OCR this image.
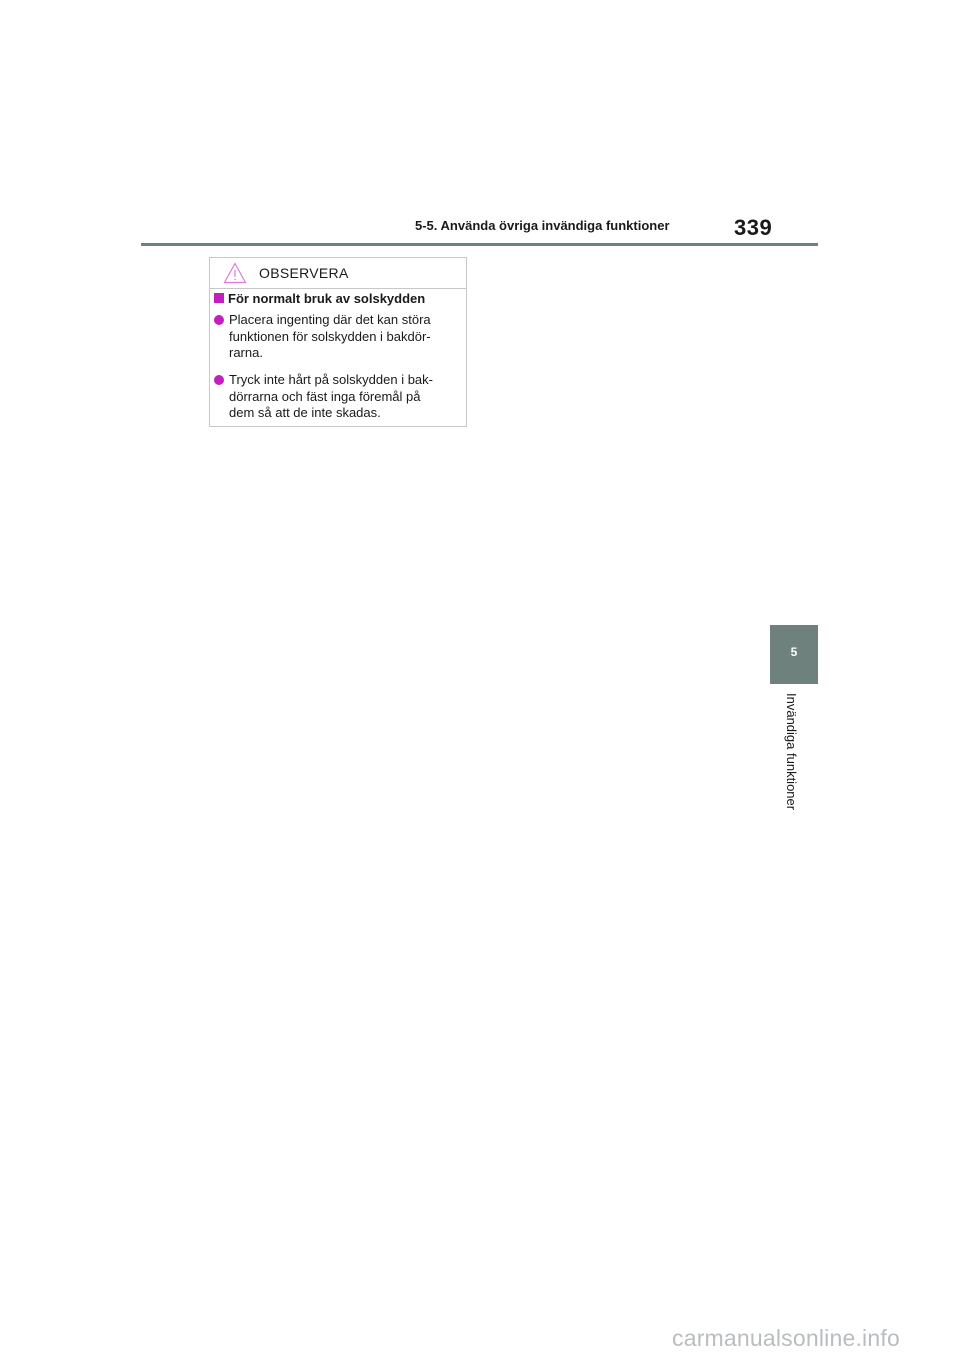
5-5. Använda övriga invändiga funktioner	339
OBSERVERA
För normalt bruk av solskydden
Placera ingenting där det kan störa
funktionen för solskydden i bakdör-
rarna.
Tryck inte hårt på solskydden i bak-
dörrarna och fäst inga föremål på
dem så att de inte skadas.
5
Invändiga funktioner
carmanualsonline.info
